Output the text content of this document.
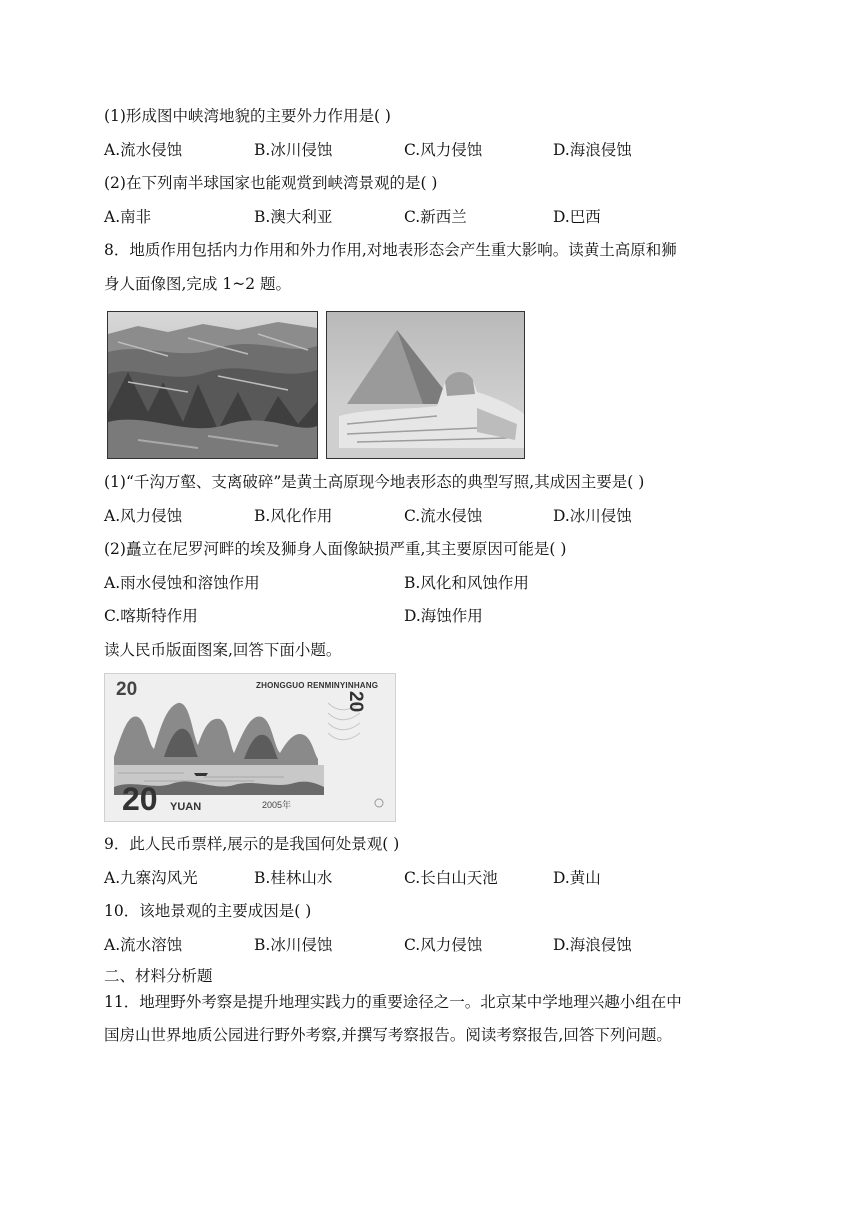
(1)形成图中峡湾地貌的主要外力作用是( )
A.流水侵蚀	B.冰川侵蚀	C.风力侵蚀	D.海浪侵蚀
(2)在下列南半球国家也能观赏到峡湾景观的是( )
A.南非	B.澳大利亚	C.新西兰	D.巴西
8．地质作用包括内力作用和外力作用,对地表形态会产生重大影响。读黄土高原和狮
身人面像图,完成 1~2 题。
(1)“千沟万壑、支离破碎”是黄土高原现今地表形态的典型写照,其成因主要是( )
A.风力侵蚀	B.风化作用	C.流水侵蚀	D.冰川侵蚀
(2)矗立在尼罗河畔的埃及狮身人面像缺损严重,其主要原因可能是( )
A.雨水侵蚀和溶蚀作用	B.风化和风蚀作用
C.喀斯特作用	D.海蚀作用
读人民币版面图案,回答下面小题。
20	ZHONGGUO RENMINYINHANG
20
20 YUAN	2005年
9．此人民币票样,展示的是我国何处景观( )
A.九寨沟风光	B.桂林山水	C.长白山天池	D.黄山
10．该地景观的主要成因是( )
A.流水溶蚀	B.冰川侵蚀	C.风力侵蚀	D.海浪侵蚀
二、材料分析题
11．地理野外考察是提升地理实践力的重要途径之一。北京某中学地理兴趣小组在中
国房山世界地质公园进行野外考察,并撰写考察报告。阅读考察报告,回答下列问题。
